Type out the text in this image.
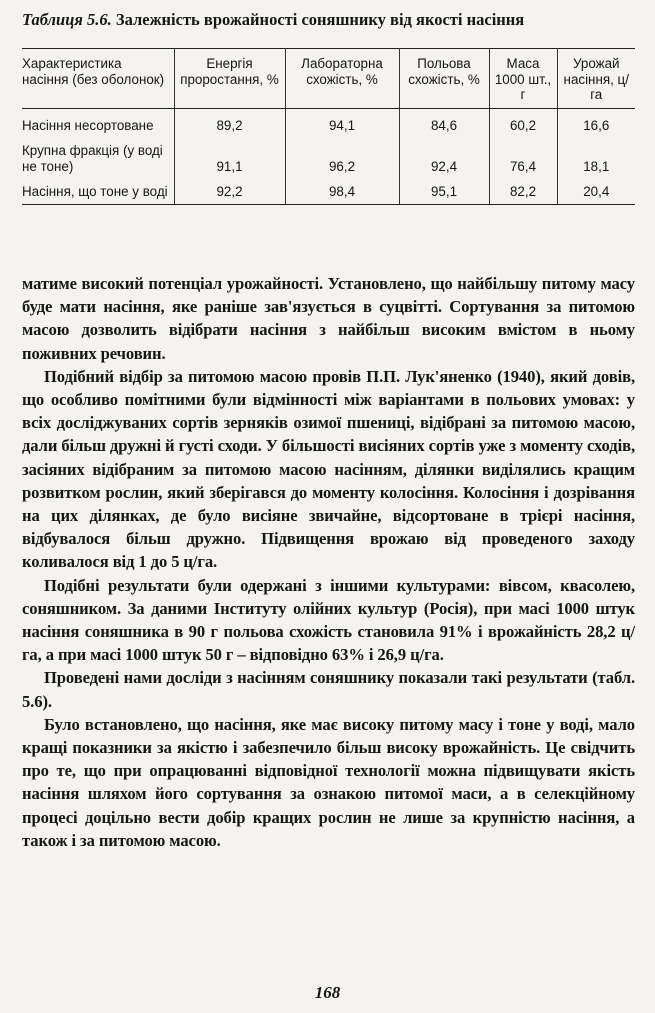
Таблиця 5.6. Залежність врожайності соняшнику від якості насіння
Характеристика насіння (без оболонок)	Енергія проростання, %	Лабораторна схожість, %	Польова схожість, %	Маса 1000 шт., г	Урожай насіння, ц/га
Насіння несортоване	89,2	94,1	84,6	60,2	16,6
Крупна фракція (у воді не тоне)	91,1	96,2	92,4	76,4	18,1
Насіння, що тоне у воді	92,2	98,4	95,1	82,2	20,4

матиме високий потенціал урожайності. Установлено, що найбільшу питому масу буде мати насіння, яке раніше зав'язується в суцвітті. Сортування за питомою масою дозволить відібрати насіння з найбільш високим вмістом в ньому поживних речовин.

Подібний відбір за питомою масою провів П.П. Лук'яненко (1940), який довів, що особливо помітними були відмінності між варіантами в польових умовах: у всіх досліджуваних сортів зерняків озимої пшениці, відібрані за питомою масою, дали більш дружні й густі сходи. У більшості висіяних сортів уже з моменту сходів, засіяних відібраним за питомою масою насінням, ділянки виділялись кращим розвитком рослин, який зберігався до моменту колосіння. Колосіння і дозрівання на цих ділянках, де було висіяне звичайне, відсортоване в трієрі насіння, відбувалося більш дружно. Підвищення врожаю від проведеного заходу коливалося від 1 до 5 ц/га.

Подібні результати були одержані з іншими культурами: вівсом, квасолею, соняшником. За даними Інституту олійних культур (Росія), при масі 1000 штук насіння соняшника в 90 г польова схожість становила 91% і врожайність 28,2 ц/га, а при масі 1000 штук 50 г – відповідно 63% і 26,9 ц/га.

Проведені нами досліди з насінням соняшнику показали такі результати (табл. 5.6).

Було встановлено, що насіння, яке має високу питому масу і тоне у воді, мало кращі показники за якістю і забезпечило більш високу врожайність. Це свідчить про те, що при опрацюванні відповідної технології можна підвищувати якість насіння шляхом його сортування за ознакою питомої маси, а в селекційному процесі доцільно вести добір кращих рослин не лише за крупністю насіння, а також і за питомою масою.

168
